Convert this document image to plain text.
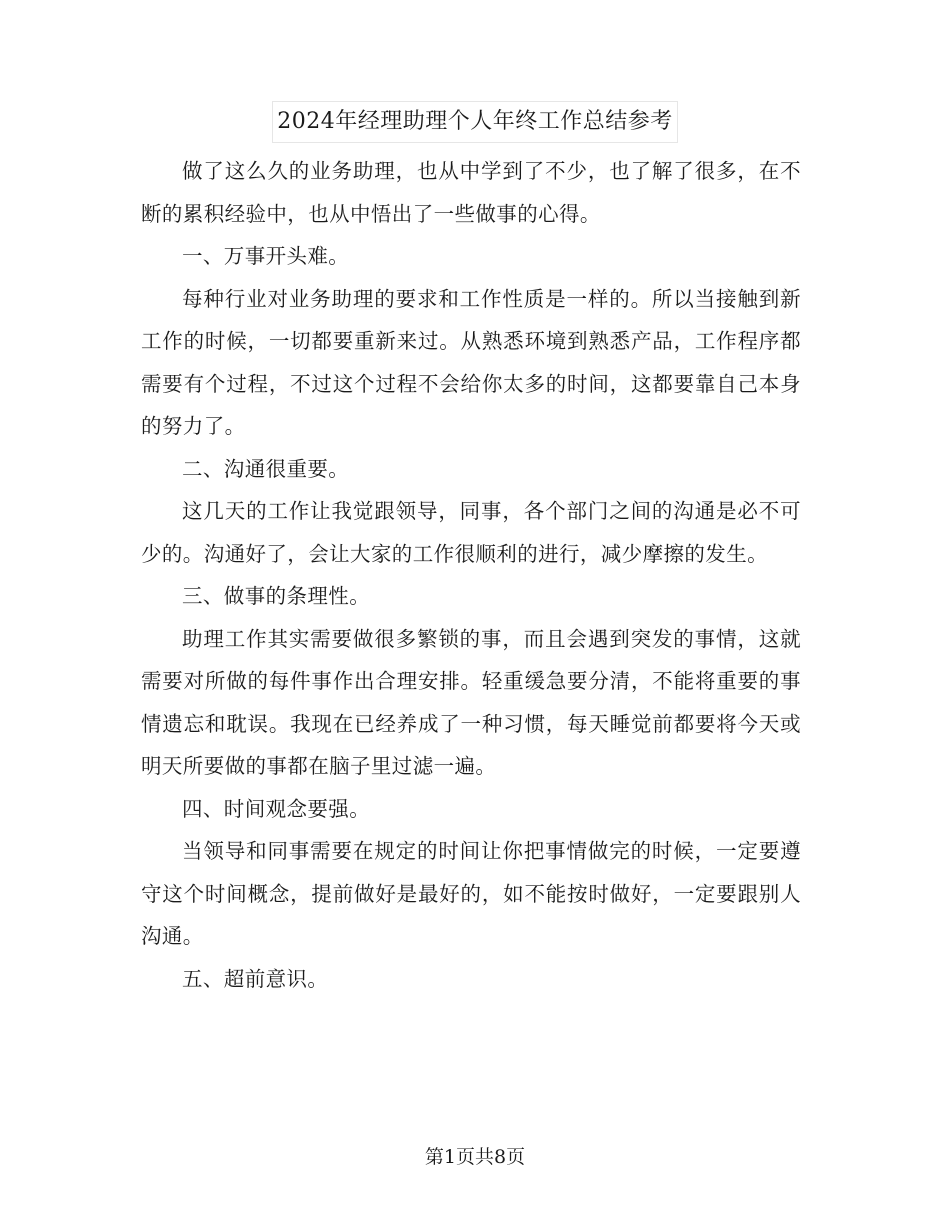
2024年经理助理个人年终工作总结参考

做了这么久的业务助理，也从中学到了不少，也了解了很多，在不断的累积经验中，也从中悟出了一些做事的心得。

一、万事开头难。

每种行业对业务助理的要求和工作性质是一样的。所以当接触到新工作的时候，一切都要重新来过。从熟悉环境到熟悉产品，工作程序都需要有个过程，不过这个过程不会给你太多的时间，这都要靠自己本身的努力了。

二、沟通很重要。

这几天的工作让我觉跟领导，同事，各个部门之间的沟通是必不可少的。沟通好了，会让大家的工作很顺利的进行，减少摩擦的发生。

三、做事的条理性。

助理工作其实需要做很多繁锁的事，而且会遇到突发的事情，这就需要对所做的每件事作出合理安排。轻重缓急要分清，不能将重要的事情遗忘和耽误。我现在已经养成了一种习惯，每天睡觉前都要将今天或明天所要做的事都在脑子里过滤一遍。

四、时间观念要强。

当领导和同事需要在规定的时间让你把事情做完的时候，一定要遵守这个时间概念，提前做好是最好的，如不能按时做好，一定要跟别人沟通。

五、超前意识。

第1页共8页
